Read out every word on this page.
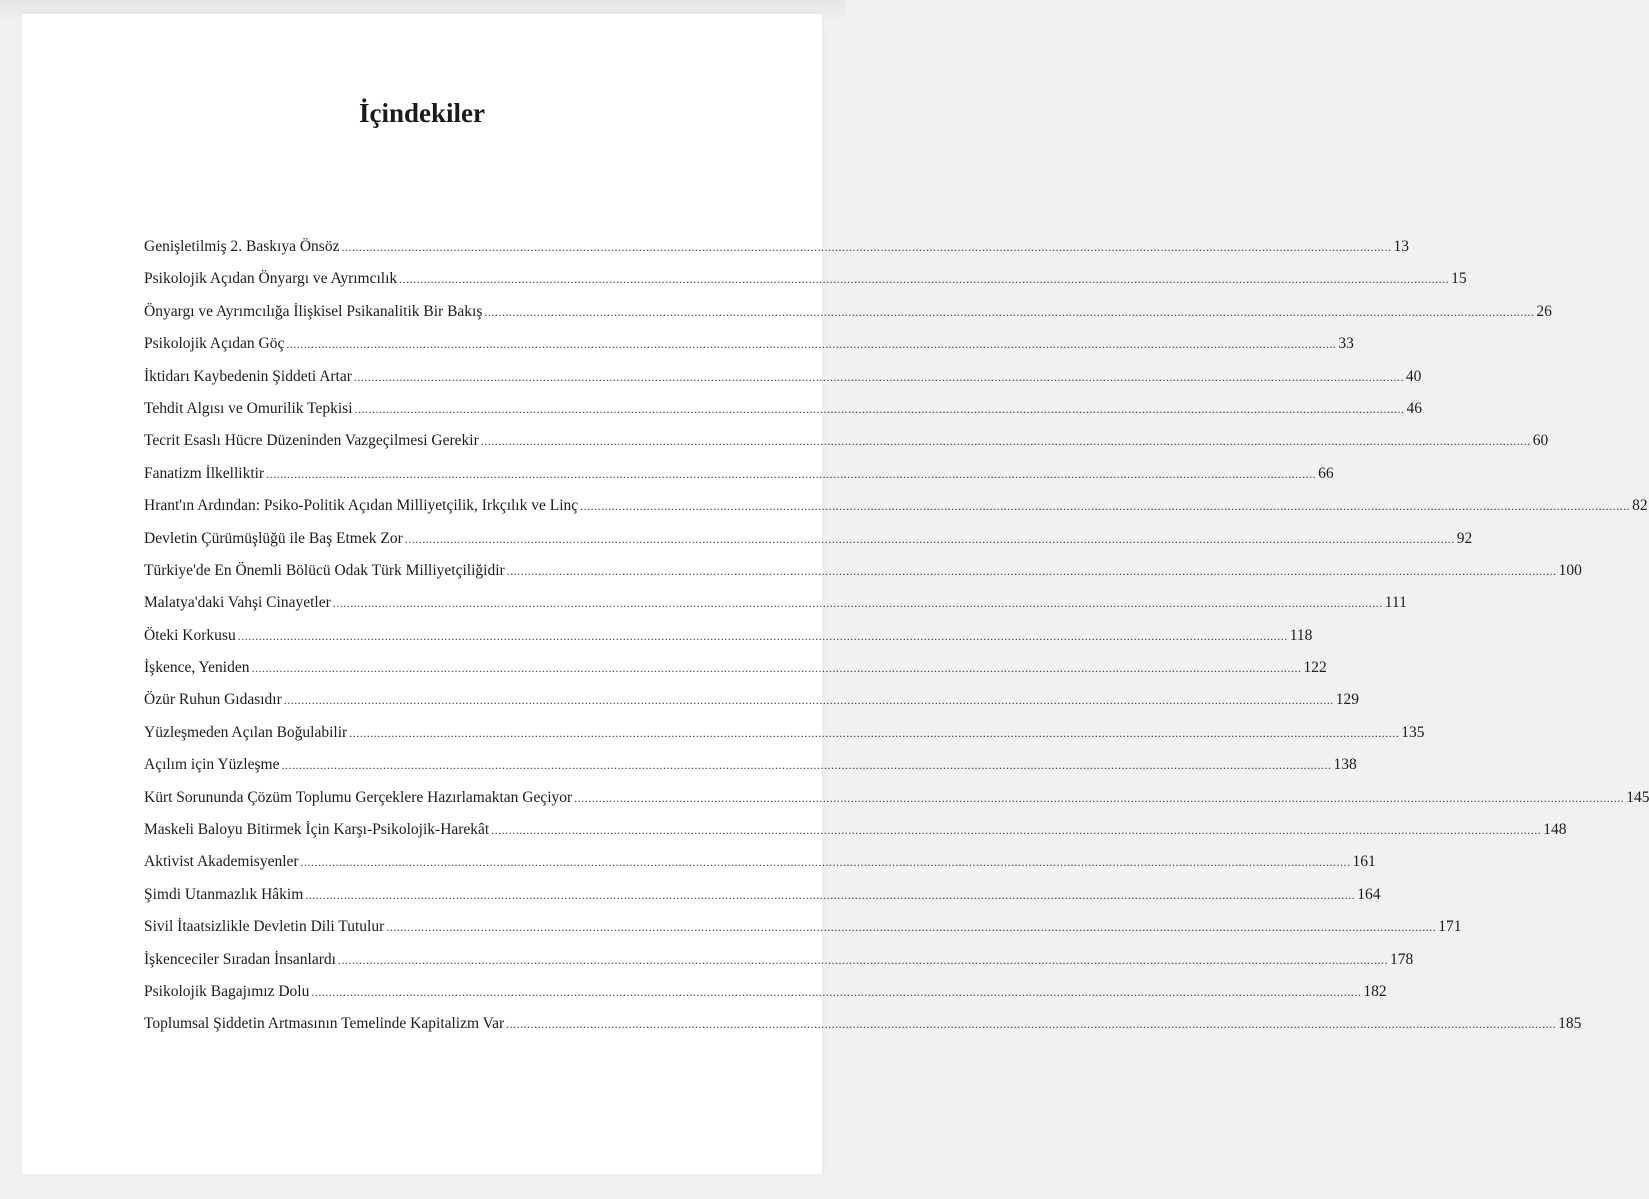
İçindekiler
Genişletilmiş 2. Baskıya Önsöz ............................................................................................................................................................................................................................................................................................................ 13
Psikolojik Açıdan Önyargı ve Ayrımcılık ............................................................................................................................................................................................................................................................................................................ 15
Önyargı ve Ayrımcılığa İlişkisel Psikanalitik Bir Bakış ............................................................................................................................................................................................................................................................................................................ 26
Psikolojik Açıdan Göç ............................................................................................................................................................................................................................................................................................................ 33
İktidarı Kaybedenin Şiddeti Artar ............................................................................................................................................................................................................................................................................................................ 40
Tehdit Algısı ve Omurilik Tepkisi ............................................................................................................................................................................................................................................................................................................ 46
Tecrit Esaslı Hücre Düzeninden Vazgeçilmesi Gerekir ............................................................................................................................................................................................................................................................................................................ 60
Fanatizm İlkelliktir ............................................................................................................................................................................................................................................................................................................ 66
Hrant'ın Ardından: Psiko-Politik Açıdan Milliyetçilik, Irkçılık ve Linç ............................................................................................................................................................................................................................................................................................................ 82
Devletin Çürümüşlüğü ile Baş Etmek Zor ............................................................................................................................................................................................................................................................................................................ 92
Türkiye'de En Önemli Bölücü Odak Türk Milliyetçiliğidir ............................................................................................................................................................................................................................................................................................................ 100
Malatya'daki Vahşi Cinayetler ............................................................................................................................................................................................................................................................................................................ 111
Öteki Korkusu ............................................................................................................................................................................................................................................................................................................ 118
İşkence, Yeniden ............................................................................................................................................................................................................................................................................................................ 122
Özür Ruhun Gıdasıdır ............................................................................................................................................................................................................................................................................................................ 129
Yüzleşmeden Açılan Boğulabilir ............................................................................................................................................................................................................................................................................................................ 135
Açılım için Yüzleşme ............................................................................................................................................................................................................................................................................................................ 138
Kürt Sorununda Çözüm Toplumu Gerçeklere Hazırlamaktan Geçiyor ............................................................................................................................................................................................................................................................................................................ 145
Maskeli Baloyu Bitirmek İçin Karşı-Psikolojik-Harekât ............................................................................................................................................................................................................................................................................................................ 148
Aktivist Akademisyenler ............................................................................................................................................................................................................................................................................................................ 161
Şimdi Utanmazlık Hâkim ............................................................................................................................................................................................................................................................................................................ 164
Sivil İtaatsizlikle Devletin Dili Tutulur ............................................................................................................................................................................................................................................................................................................ 171
İşkenceciler Sıradan İnsanlardı ............................................................................................................................................................................................................................................................................................................ 178
Psikolojik Bagajımız Dolu ............................................................................................................................................................................................................................................................................................................ 182
Toplumsal Şiddetin Artmasının Temelinde Kapitalizm Var ............................................................................................................................................................................................................................................................................................................ 185
